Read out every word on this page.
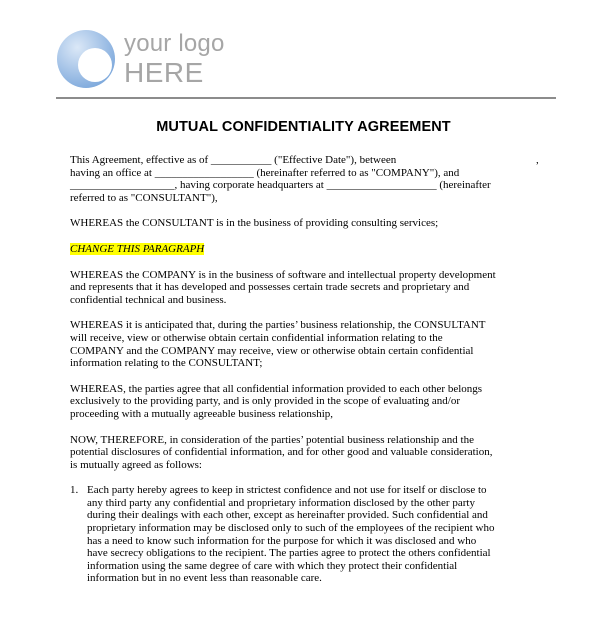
your logo
HERE
MUTUAL CONFIDENTIALITY AGREEMENT
This Agreement, effective as of ___________ ("Effective Date"), between	,
having an office at __________________ (hereinafter referred to as "COMPANY"), and
___________________, having corporate headquarters at ____________________ (hereinafter
referred to as "CONSULTANT"),
WHEREAS the CONSULTANT is in the business of providing consulting services;
CHANGE THIS PARAGRAPH
WHEREAS the COMPANY is in the business of software and intellectual property development
and represents that it has developed and possesses certain trade secrets and proprietary and
confidential technical and business.
WHEREAS it is anticipated that, during the parties’ business relationship, the CONSULTANT
will receive, view or otherwise obtain certain confidential information relating to the
COMPANY and the COMPANY may receive, view or otherwise obtain certain confidential
information relating to the CONSULTANT;
WHEREAS, the parties agree that all confidential information provided to each other belongs
exclusively to the providing party, and is only provided in the scope of evaluating and/or
proceeding with a mutually agreeable business relationship,
NOW, THEREFORE, in consideration of the parties’ potential business relationship and the
potential disclosures of confidential information, and for other good and valuable consideration,
is mutually agreed as follows:
1. Each party hereby agrees to keep in strictest confidence and not use for itself or disclose to
any third party any confidential and proprietary information disclosed by the other party
during their dealings with each other, except as hereinafter provided. Such confidential and
proprietary information may be disclosed only to such of the employees of the recipient who
has a need to know such information for the purpose for which it was disclosed and who
have secrecy obligations to the recipient. The parties agree to protect the others confidential
information using the same degree of care with which they protect their confidential
information but in no event less than reasonable care.
